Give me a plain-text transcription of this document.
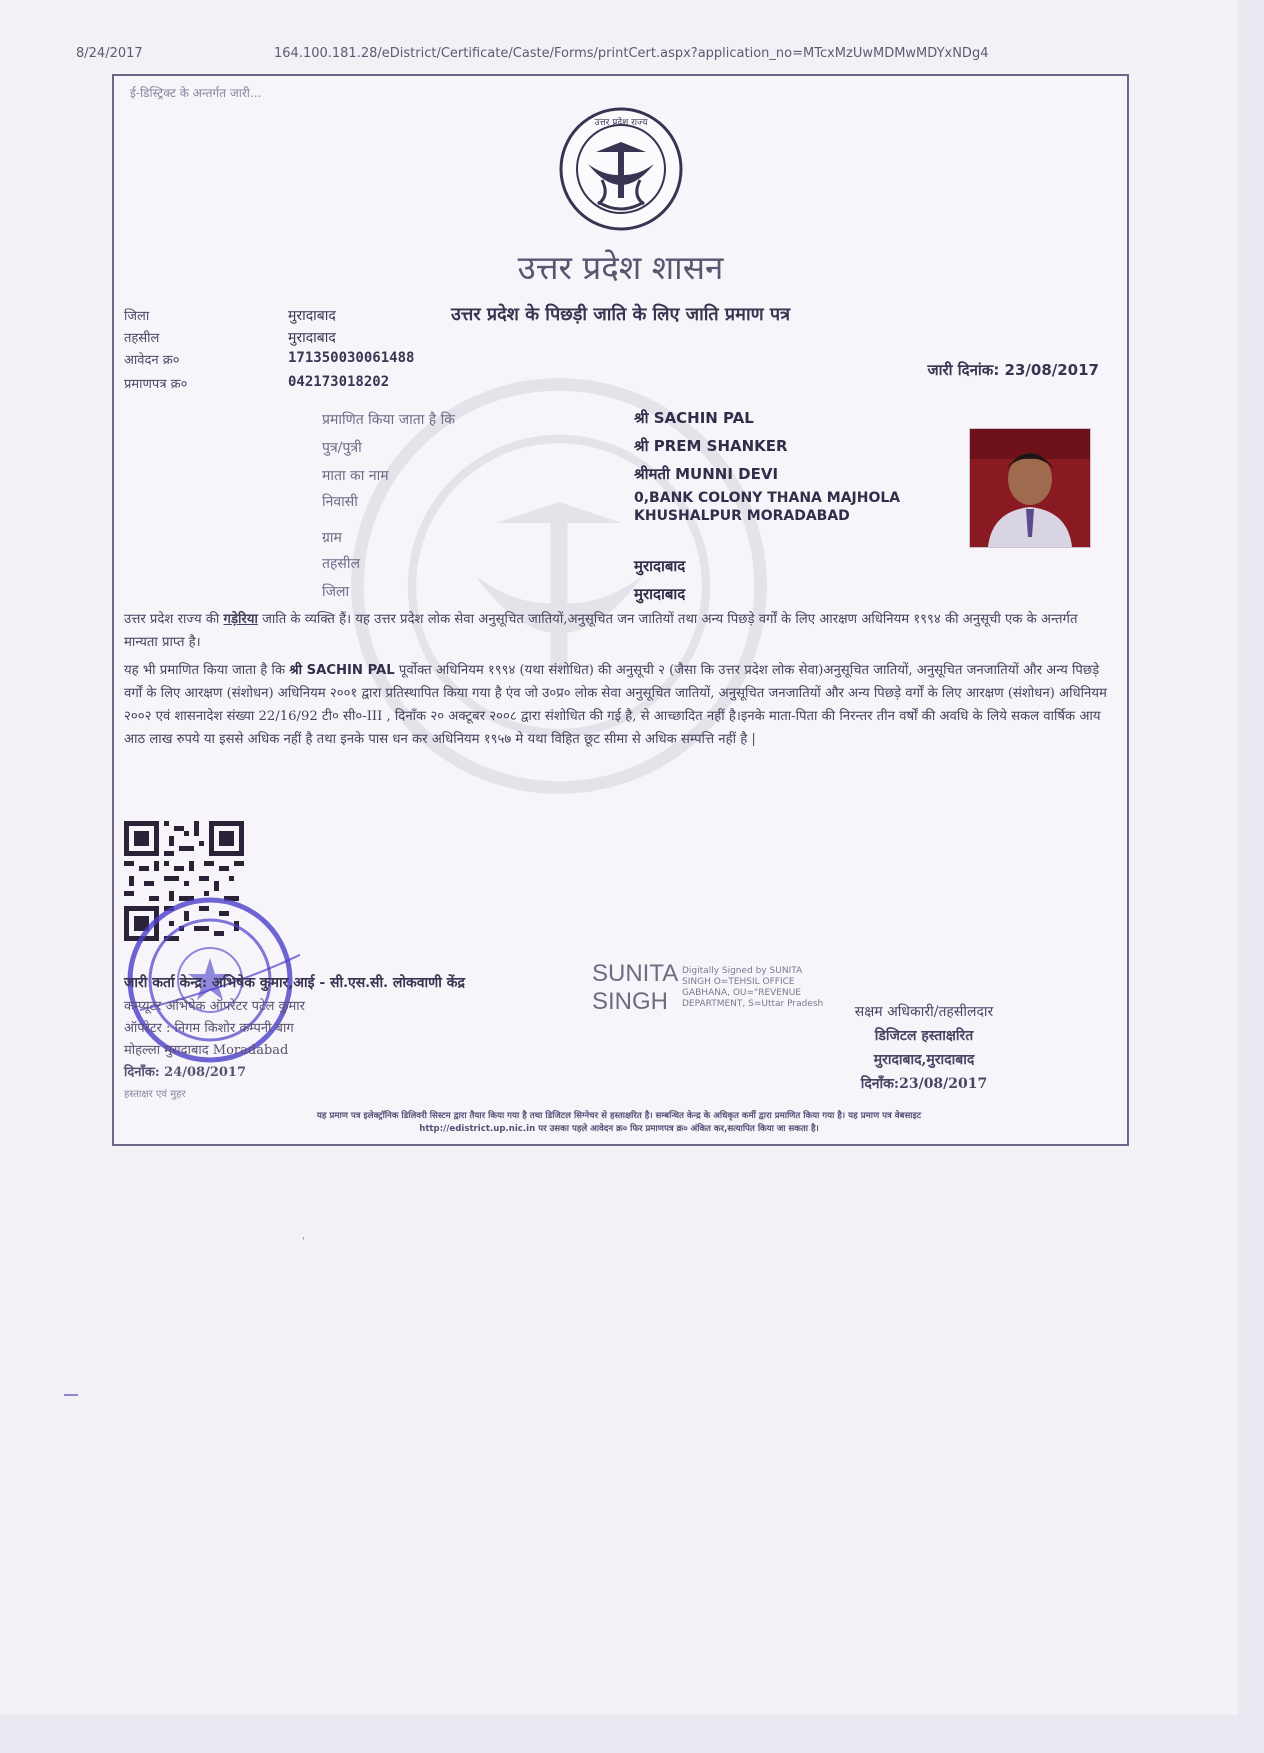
8/24/2017	164.100.181.28/eDistrict/Certificate/Caste/Forms/printCert.aspx?application_no=MTcxMzUwMDMwMDYxNDg4
ई-डिस्ट्रिक्ट के अन्तर्गत जारी...
उत्तर प्रदेश राज्य
उत्तर प्रदेश शासन
उत्तर प्रदेश के पिछड़ी जाति के लिए जाति प्रमाण पत्र
जिला	मुरादाबाद
तहसील	मुरादाबाद
आवेदन क्र०	171350030061488
प्रमाणपत्र क्र०	042173018202
जारी दिनांक: 23/08/2017
प्रमाणित किया जाता है कि	श्री SACHIN PAL
पुत्र/पुत्री	श्री PREM SHANKER
माता का नाम	श्रीमती MUNNI DEVI
निवासी	0,BANK COLONY THANA MAJHOLA
KHUSHALPUR MORADABAD
ग्राम
तहसील	मुरादाबाद
जिला	मुरादाबाद
उत्तर प्रदेश राज्य की गड़ेरिया जाति के व्यक्ति हैं। यह उत्तर प्रदेश लोक सेवा अनुसूचित जातियों,अनुसूचित जन जातियों तथा अन्य पिछड़े वर्गों के लिए आरक्षण अधिनियम १९९४ की अनुसूची एक के अन्तर्गत मान्यता प्राप्त है।
यह भी प्रमाणित किया जाता है कि श्री SACHIN PAL पूर्वोक्त अधिनियम १९९४ (यथा संशोधित) की अनुसूची २ (जैसा कि उत्तर प्रदेश लोक सेवा)अनुसूचित जातियों, अनुसूचित जनजातियों और अन्य पिछड़े वर्गों के लिए आरक्षण (संशोधन) अधिनियम २००१ द्वारा प्रतिस्थापित किया गया है एंव जो उ०प्र० लोक सेवा अनुसूचित जातियों, अनुसूचित जनजातियों और अन्य पिछड़े वर्गों के लिए आरक्षण (संशोधन) अधिनियम २००२ एवं शासनादेश संख्या 22/16/92 टी० सी०-III , दिनाँक २० अक्टूबर २००८ द्वारा संशोधित की गई है, से आच्छादित नहीं है।इनके माता-पिता की निरन्तर तीन वर्षों की अवधि के लिये सकल वार्षिक आय आठ लाख रुपये या इससे अधिक नहीं है तथा इनके पास धन कर अधिनियम १९५७ मे यथा विहित छूट सीमा से अधिक सम्पत्ति नहीं है |
जारी कर्ता केन्द्र: अभिषेक कुमार,आई - सी.एस.सी. लोकवाणी केंद्र
कम्प्यूटर अभिषेक ऑपरेटर पटेल कुमार
ऑपरेटर : निगम किशोर कम्पनी बाग
मोहल्ला मुरादाबाद Moradabad
दिनाँक: 24/08/2017
हस्ताक्षर एवं मुहर
SUNITA
SINGH
Digitally Signed by SUNITA SINGH O=TEHSIL OFFICE GABHANA, OU="REVENUE DEPARTMENT, S=Uttar Pradesh	सक्षम अधिकारी/तहसीलदार
डिजिटल हस्ताक्षरित
मुरादाबाद,मुरादाबाद
दिनाँक:23/08/2017
यह प्रमाण पत्र इलेक्ट्रॉनिक डिलिवरी सिस्टम द्वारा तैयार किया गया है तथा डिजिटल सिग्नेचर से हस्ताक्षरित है। सम्बन्धित केन्द्र के अधिकृत कर्मी द्वारा प्रमाणित किया गया है। यह प्रमाण पत्र वेबसाइट
http://edistrict.up.nic.in पर उसका पहले आवेदन क्र० फिर प्रमाणपत्र क्र० अंकित कर,सत्यापित किया जा सकता है।
'
